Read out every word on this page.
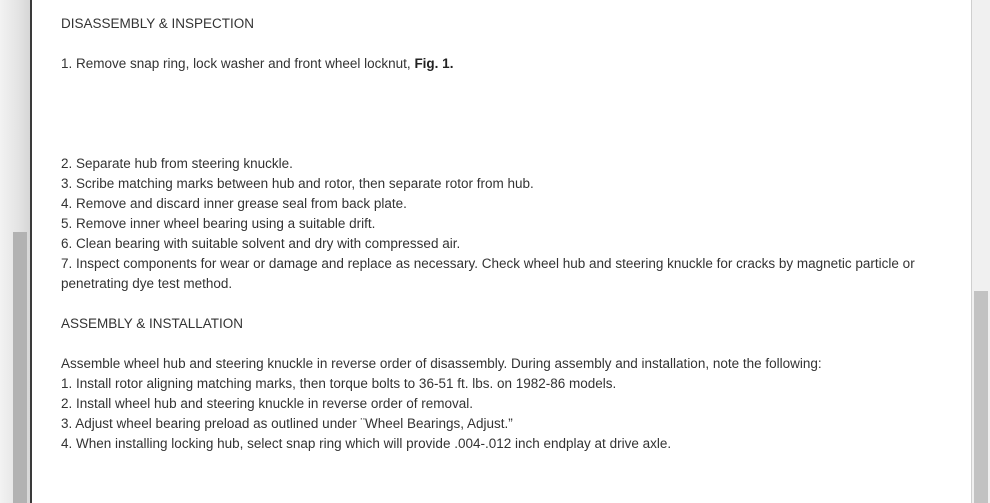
DISASSEMBLY & INSPECTION
1. Remove snap ring, lock washer and front wheel locknut, Fig. 1.
2. Separate hub from steering knuckle.
3. Scribe matching marks between hub and rotor, then separate rotor from hub.
4. Remove and discard inner grease seal from back plate.
5. Remove inner wheel bearing using a suitable drift.
6. Clean bearing with suitable solvent and dry with compressed air.
7. Inspect components for wear or damage and replace as necessary. Check wheel hub and steering knuckle for cracks by magnetic particle or penetrating dye test method.
ASSEMBLY & INSTALLATION
Assemble wheel hub and steering knuckle in reverse order of disassembly. During assembly and installation, note the following:
1. Install rotor aligning matching marks, then torque bolts to 36-51 ft. lbs. on 1982-86 models.
2. Install wheel hub and steering knuckle in reverse order of removal.
3. Adjust wheel bearing preload as outlined under ¨Wheel Bearings, Adjust.”
4. When installing locking hub, select snap ring which will provide .004-.012 inch endplay at drive axle.
